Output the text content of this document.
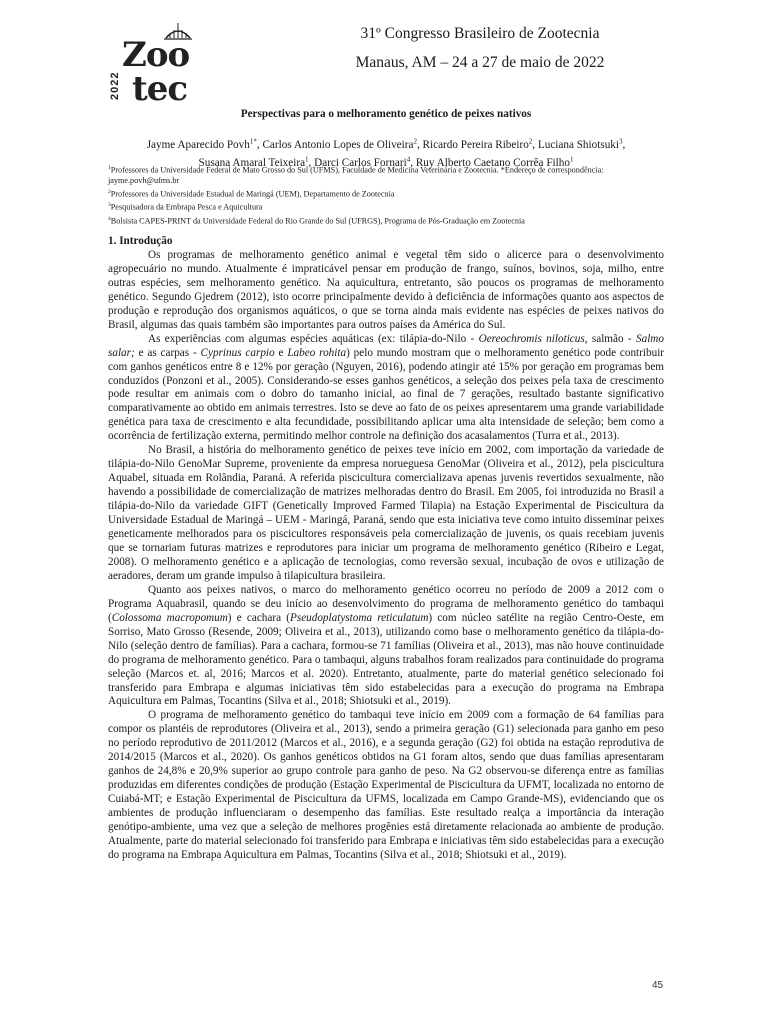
2022
Zoo
tec
31º Congresso Brasileiro de Zootecnia
Manaus, AM – 24 a 27 de maio de 2022
Perspectivas para o melhoramento genético de peixes nativos
Jayme Aparecido Povh$^{1*}$, Carlos Antonio Lopes de Oliveira$^2$, Ricardo Pereira Ribeiro$^2$, Luciana Shiotsuki$^3$,
Susana Amaral Teixeira$^1$, Darci Carlos Fornari$^4$, Ruy Alberto Caetano Corrêa Filho$^1$

$^1$Professores da Universidade Federal de Mato Grosso do Sul (UFMS), Faculdade de Medicina Veterinária e Zootecnia. *Endereço de correspondência: jayme.povh@ufms.br

$^2$Professores da Universidade Estadual de Maringá (UEM), Departamento de Zootecnia

$^3$Pesquisadora da Embrapa Pesca e Aquicultura

$^4$Bolsista CAPES-PRINT da Universidade Federal do Rio Grande do Sul (UFRGS), Programa de Pós-Graduação em Zootecnia

1. Introdução

Os programas de melhoramento genético animal e vegetal têm sido o alicerce para o desenvolvimento agropecuário no mundo. Atualmente é impraticável pensar em produção de frango, suínos, bovinos, soja, milho, entre outras espécies, sem melhoramento genético. Na aquicultura, entretanto, são poucos os programas de melhoramento genético. Segundo Gjedrem (2012), isto ocorre principalmente devido à deficiência de informações quanto aos aspectos de produção e reprodução dos organismos aquáticos, o que se torna ainda mais evidente nas espécies de peixes nativos do Brasil, algumas das quais também são importantes para outros países da América do Sul.

As experiências com algumas espécies aquáticas (ex: tilápia-do-Nilo - Oereochromis niloticus, salmão - Salmo salar; e as carpas - Cyprinus carpio e Labeo rohita) pelo mundo mostram que o melhoramento genético pode contribuir com ganhos genéticos entre 8 e 12% por geração (Nguyen, 2016), podendo atingir até 15% por geração em programas bem conduzidos (Ponzoni et al., 2005). Considerando-se esses ganhos genéticos, a seleção dos peixes pela taxa de crescimento pode resultar em animais com o dobro do tamanho inicial, ao final de 7 gerações, resultado bastante significativo comparativamente ao obtido em animais terrestres. Isto se deve ao fato de os peixes apresentarem uma grande variabilidade genética para taxa de crescimento e alta fecundidade, possibilitando aplicar uma alta intensidade de seleção; bem como a ocorrência de fertilização externa, permitindo melhor controle na definição dos acasalamentos (Turra et al., 2013).

No Brasil, a história do melhoramento genético de peixes teve início em 2002, com importação da variedade de tilápia-do-Nilo GenoMar Supreme, proveniente da empresa norueguesa GenoMar (Oliveira et al., 2012), pela piscicultura Aquabel, situada em Rolândia, Paraná. A referida piscicultura comercializava apenas juvenis revertidos sexualmente, não havendo a possibilidade de comercialização de matrizes melhoradas dentro do Brasil. Em 2005, foi introduzida no Brasil a tilápia-do-Nilo da variedade GIFT (Genetically Improved Farmed Tilapia) na Estação Experimental de Piscicultura da Universidade Estadual de Maringá – UEM - Maringá, Paraná, sendo que esta iniciativa teve como intuito disseminar peixes geneticamente melhorados para os piscicultores responsáveis pela comercialização de juvenis, os quais recebiam juvenis que se tornariam futuras matrizes e reprodutores para iniciar um programa de melhoramento genético (Ribeiro e Legat, 2008). O melhoramento genético e a aplicação de tecnologias, como reversão sexual, incubação de ovos e utilização de aeradores, deram um grande impulso à tilapicultura brasileira.

Quanto aos peixes nativos, o marco do melhoramento genético ocorreu no período de 2009 a 2012 com o Programa Aquabrasil, quando se deu início ao desenvolvimento do programa de melhoramento genético do tambaqui (Colossoma macropomum) e cachara (Pseudoplatystoma reticulatum) com núcleo satélite na região Centro-Oeste, em Sorriso, Mato Grosso (Resende, 2009; Oliveira et al., 2013), utilizando como base o melhoramento genético da tilápia-do-Nilo (seleção dentro de famílias). Para a cachara, formou-se 71 famílias (Oliveira et al., 2013), mas não houve continuidade do programa de melhoramento genético. Para o tambaqui, alguns trabalhos foram realizados para continuidade do programa seleção (Marcos et. al, 2016; Marcos et al. 2020). Entretanto, atualmente, parte do material genético selecionado foi transferido para Embrapa e algumas iniciativas têm sido estabelecidas para a execução do programa na Embrapa Aquicultura em Palmas, Tocantins (Silva et al., 2018; Shiotsuki et al., 2019).

O programa de melhoramento genético do tambaqui teve início em 2009 com a formação de 64 famílias para compor os plantéis de reprodutores (Oliveira et al., 2013), sendo a primeira geração (G1) selecionada para ganho em peso no período reprodutivo de 2011/2012 (Marcos et al., 2016), e a segunda geração (G2) foi obtida na estação reprodutiva de 2014/2015 (Marcos et al., 2020). Os ganhos genéticos obtidos na G1 foram altos, sendo que duas famílias apresentaram ganhos de 24,8% e 20,9% superior ao grupo controle para ganho de peso. Na G2 observou-se diferença entre as famílias produzidas em diferentes condições de produção (Estação Experimental de Piscicultura da UFMT, localizada no entorno de Cuiabá-MT; e Estação Experimental de Piscicultura da UFMS, localizada em Campo Grande-MS), evidenciando que os ambientes de produção influenciaram o desempenho das famílias. Este resultado realça a importância da interação genótipo-ambiente, uma vez que a seleção de melhores progênies está diretamente relacionada ao ambiente de produção. Atualmente, parte do material selecionado foi transferido para Embrapa e iniciativas têm sido estabelecidas para a execução do programa na Embrapa Aquicultura em Palmas, Tocantins (Silva et al., 2018; Shiotsuki et al., 2019).

45
